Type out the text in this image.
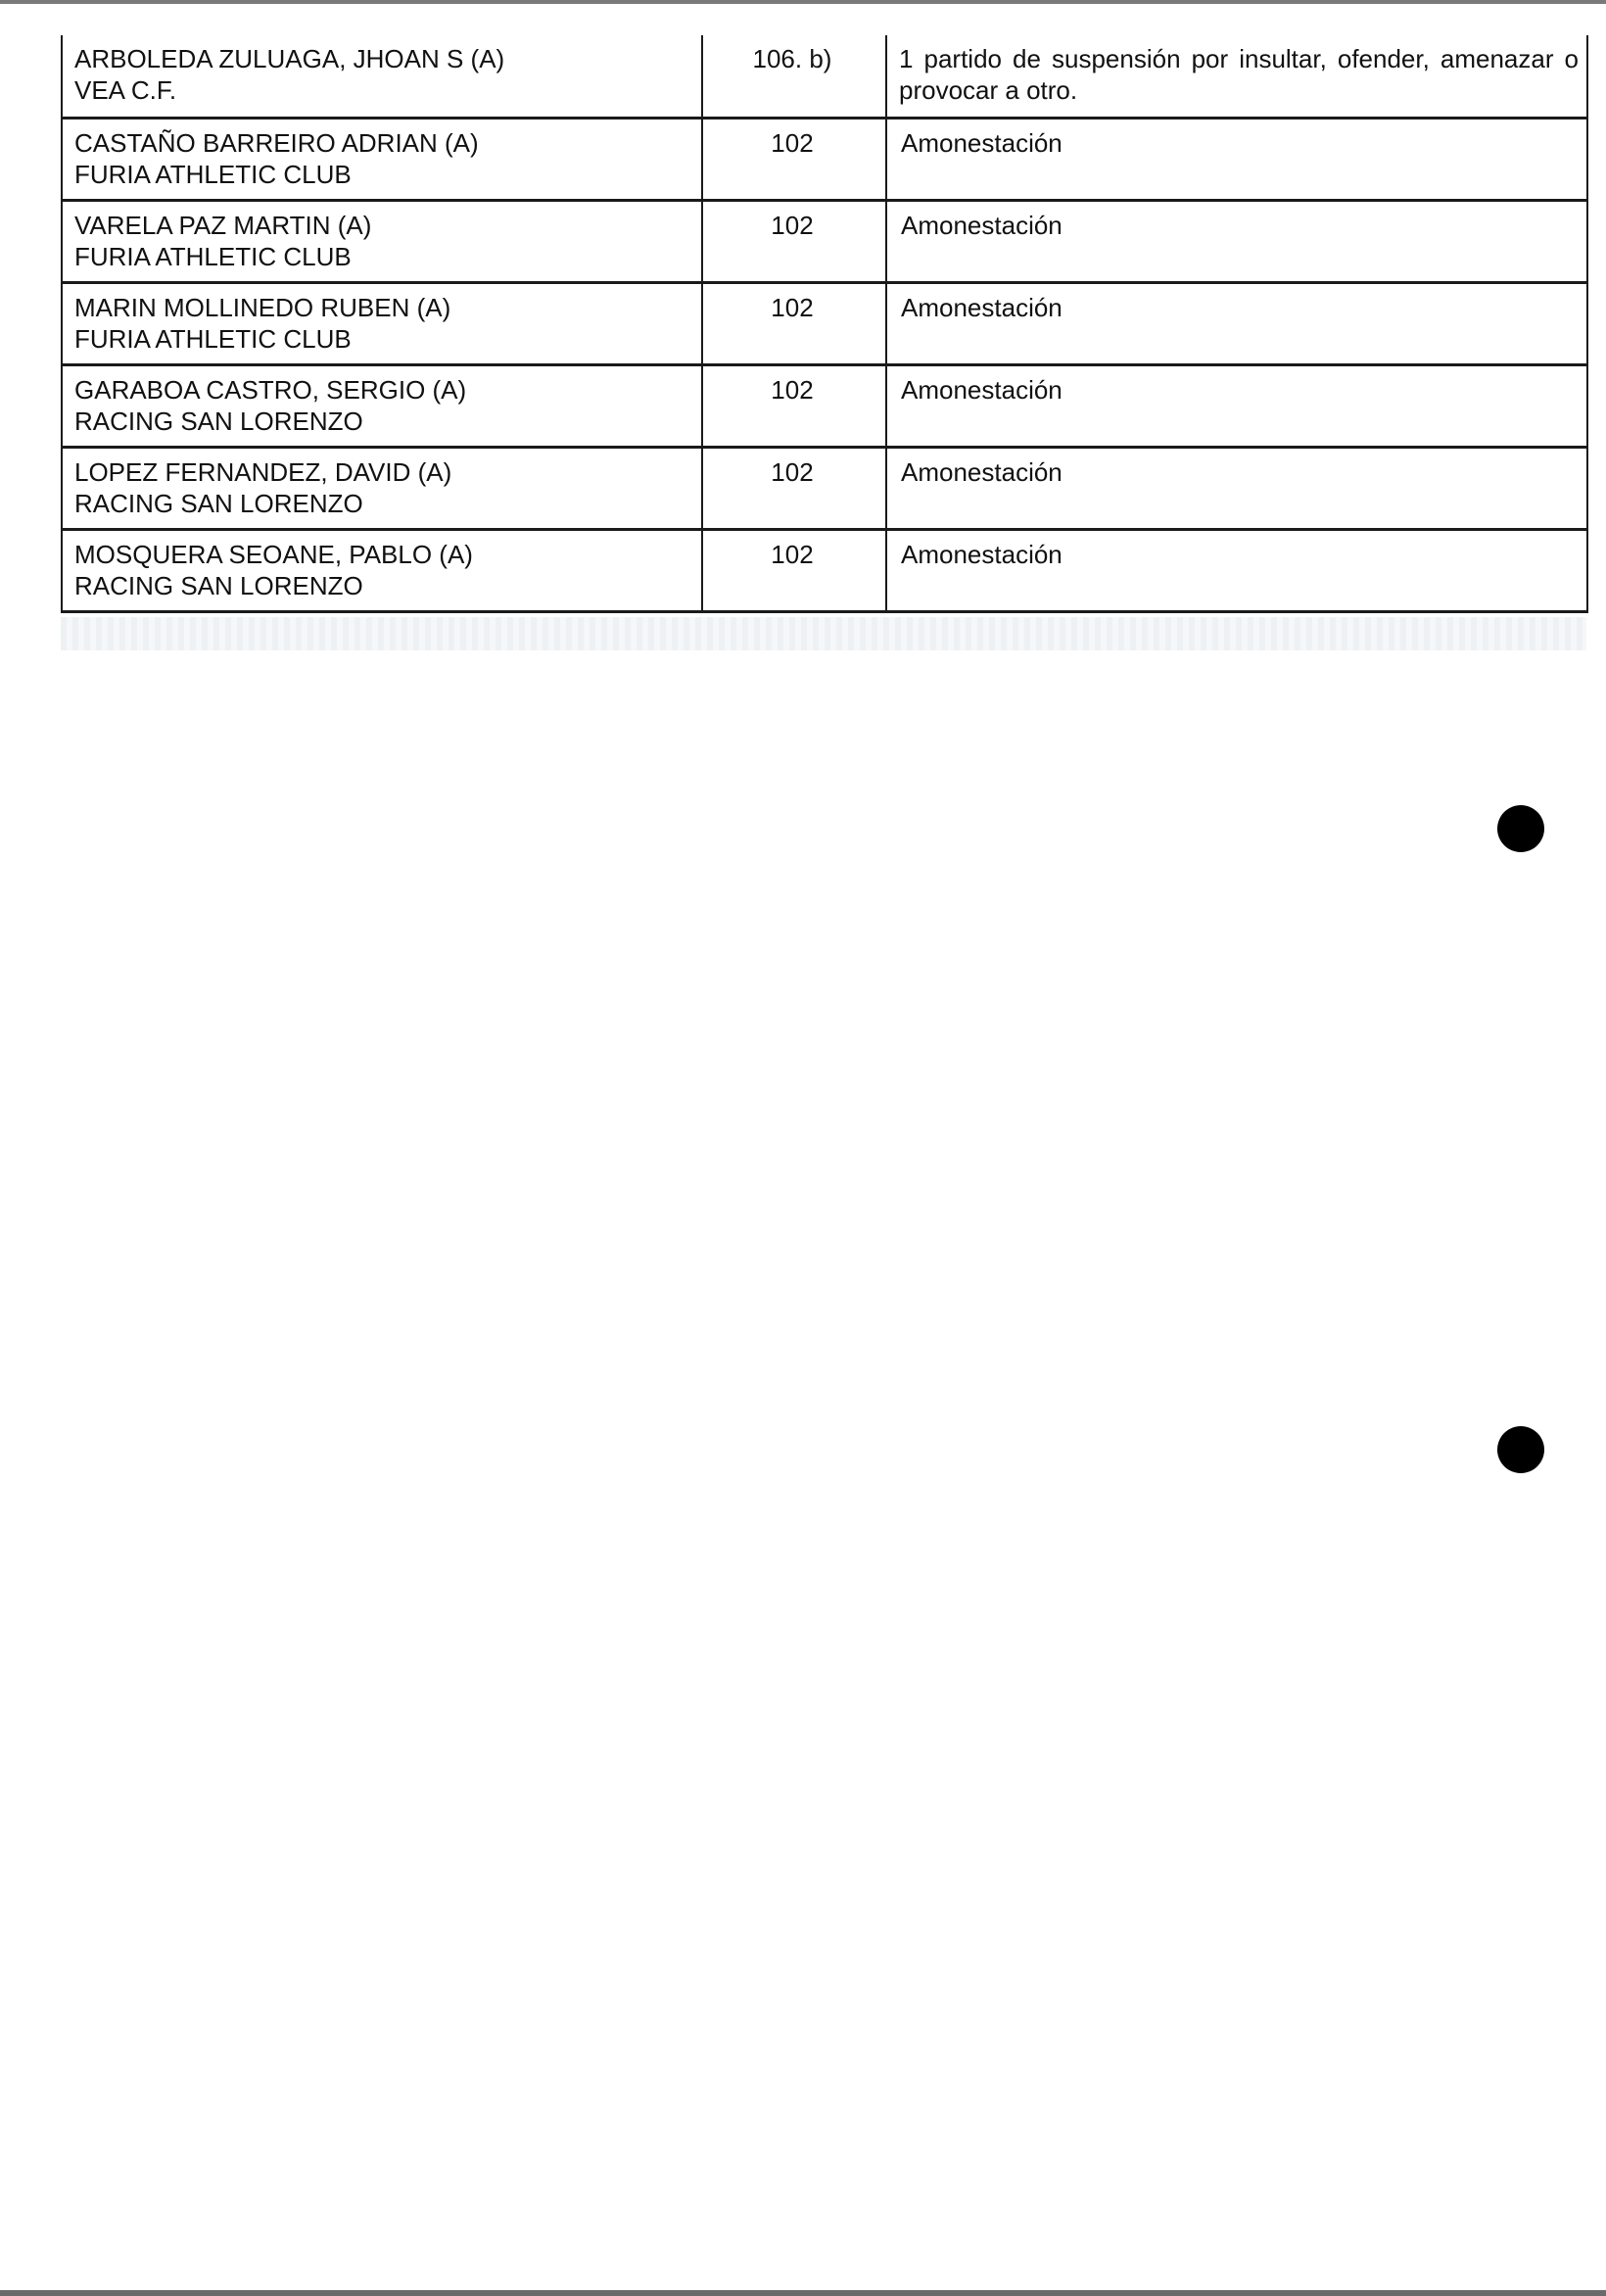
ARBOLEDA ZULUAGA, JHOAN S (A)
VEA C.F.	106. b)	1 partido de suspensión por insultar, ofender, amenazar o provocar a otro.

CASTAÑO BARREIRO ADRIAN (A)
FURIA ATHLETIC CLUB	102	Amonestación

VARELA PAZ MARTIN (A)
FURIA ATHLETIC CLUB	102	Amonestación

MARIN MOLLINEDO RUBEN (A)
FURIA ATHLETIC CLUB	102	Amonestación

GARABOA CASTRO, SERGIO (A)
RACING SAN LORENZO	102	Amonestación

LOPEZ FERNANDEZ, DAVID (A)
RACING SAN LORENZO	102	Amonestación

MOSQUERA SEOANE, PABLO (A)
RACING SAN LORENZO	102	Amonestación
